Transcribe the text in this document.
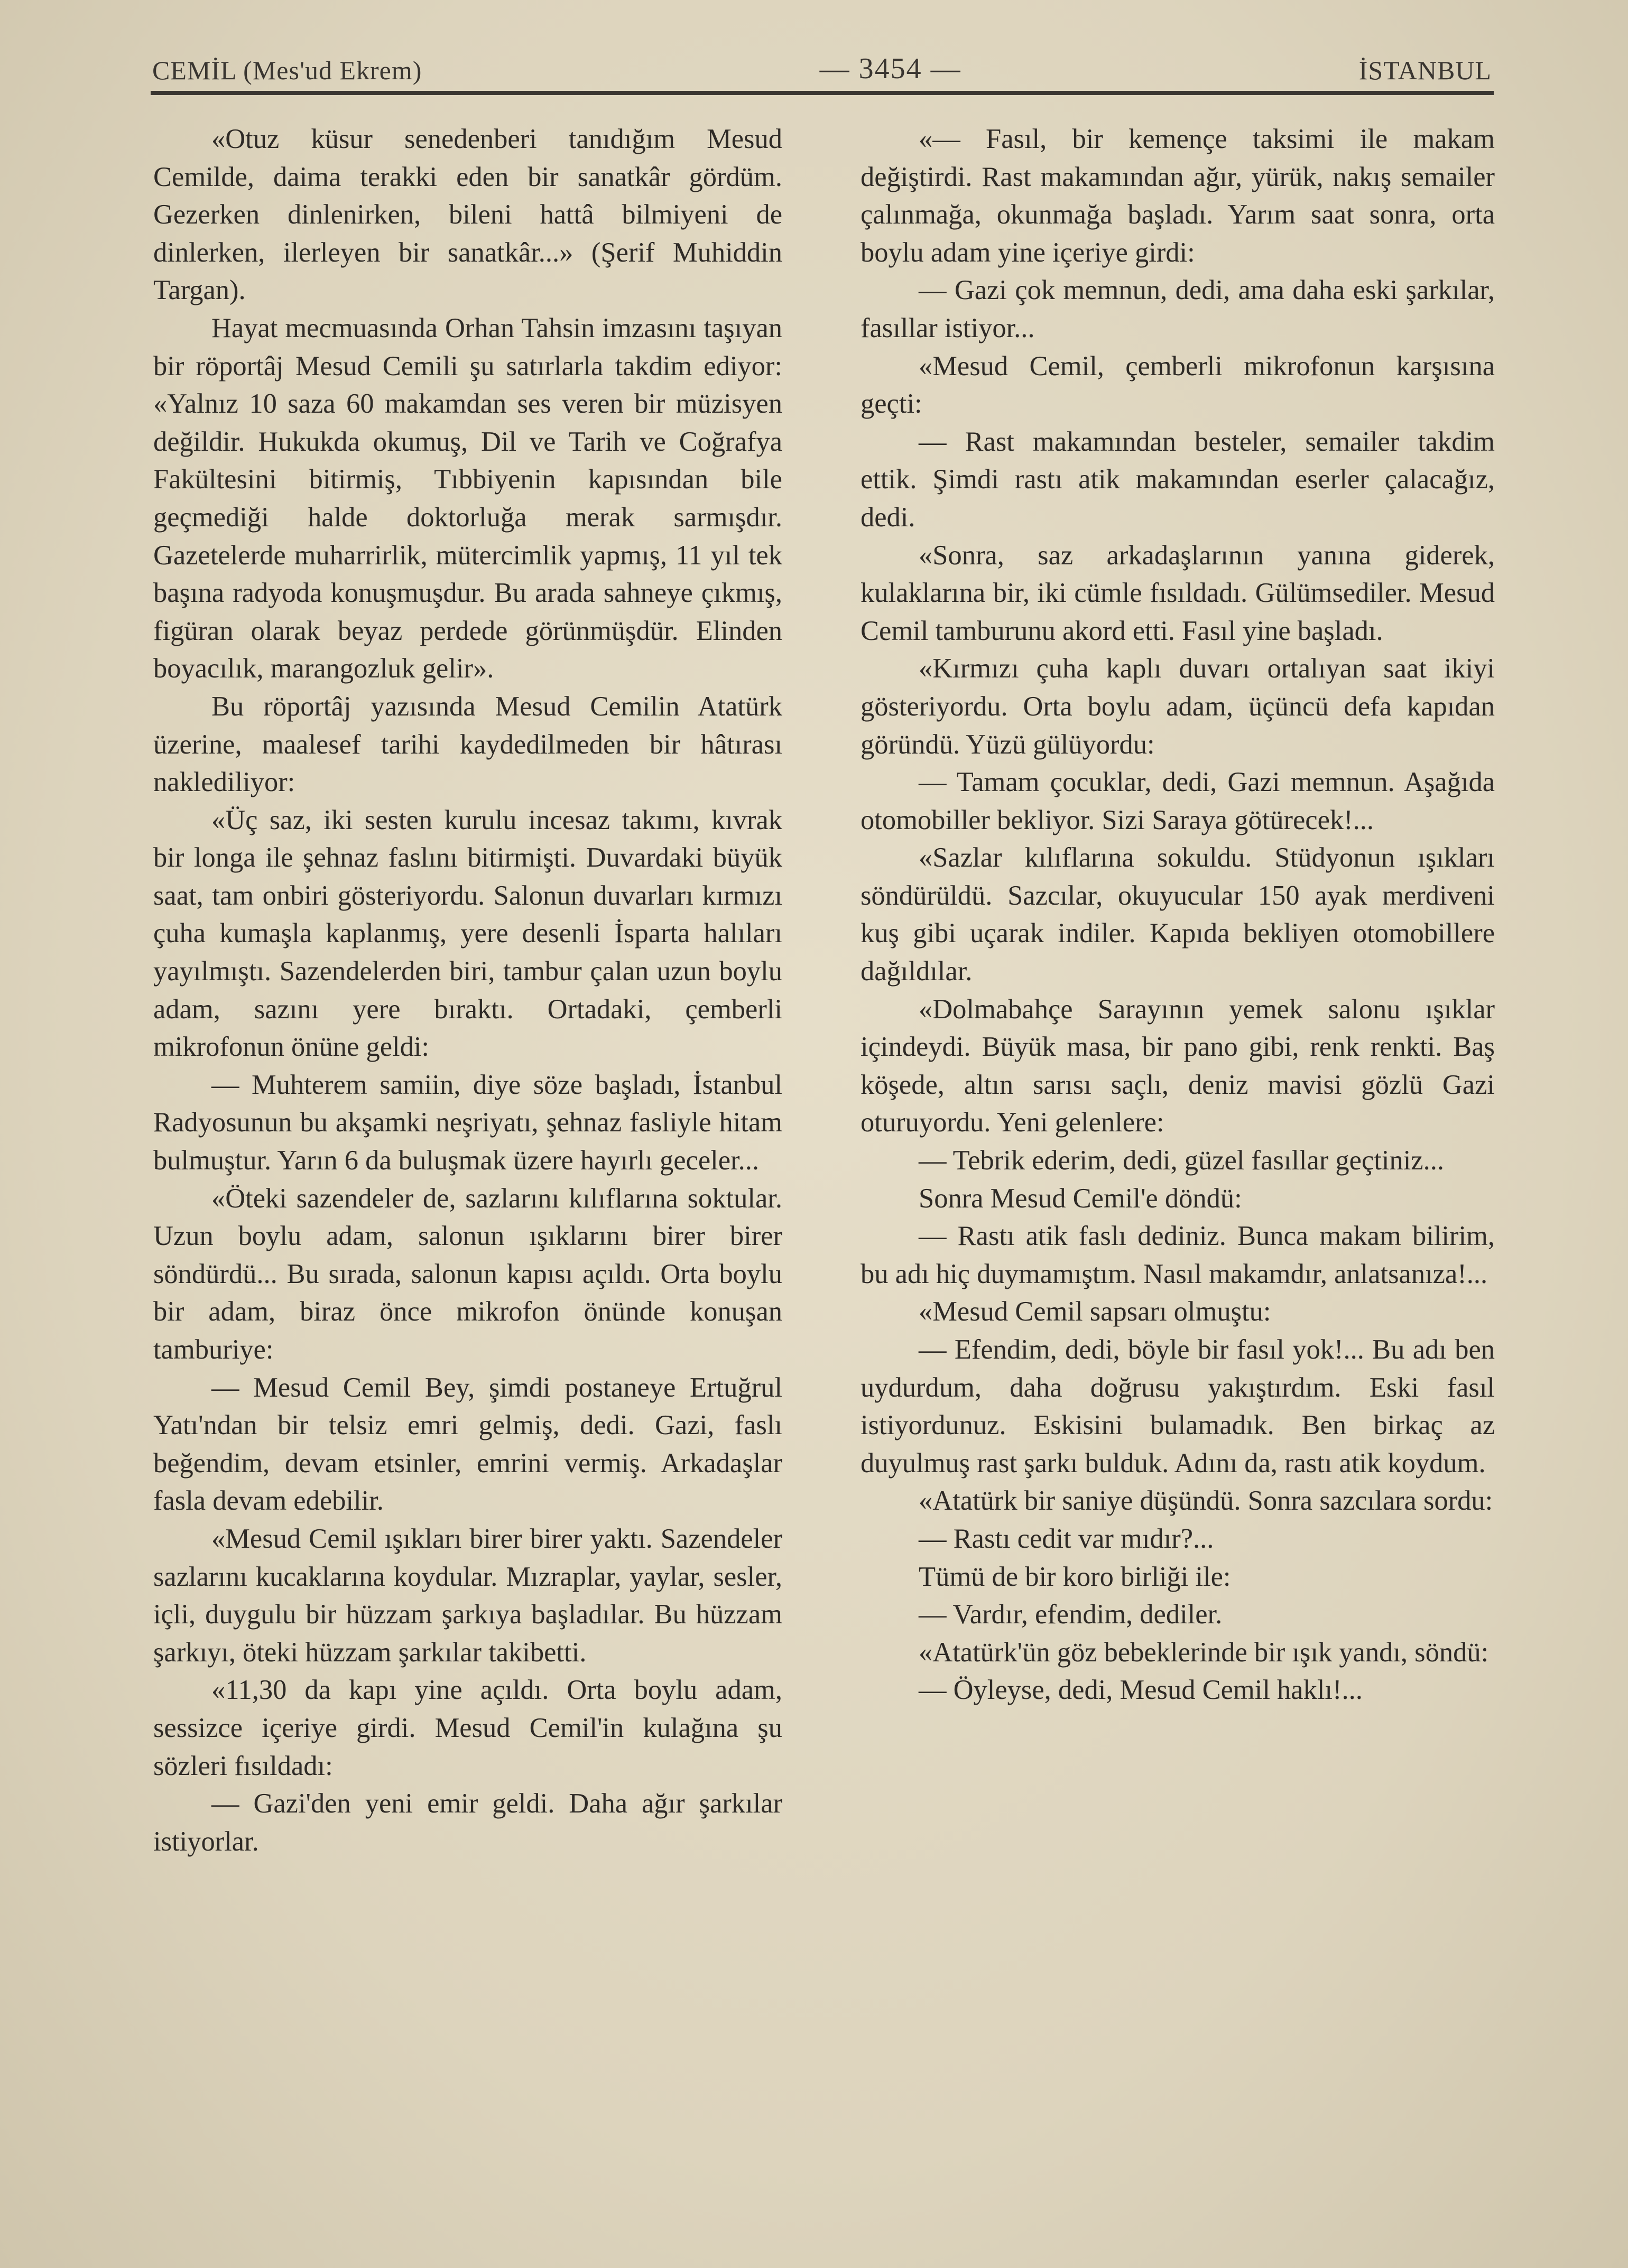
CEMİL (Mes'ud Ekrem)	— 3454 —	İSTANBUL

«Otuz küsur senedenberi tanıdığım Mesud Cemilde, daima terakki eden bir sanatkâr gördüm. Gezerken dinlenirken, bileni hattâ bilmiyeni de dinlerken, ilerleyen bir sanatkâr...» (Şerif Muhiddin Targan).

Hayat mecmuasında Orhan Tahsin imzasını taşıyan bir röportâj Mesud Cemili şu satırlarla takdim ediyor: «Yalnız 10 saza 60 makamdan ses veren bir müzisyen değildir. Hukukda okumuş, Dil ve Tarih ve Coğrafya Fakültesini bitirmiş, Tıbbiyenin kapısından bile geçmediği halde doktorluğa merak sarmışdır. Gazetelerde muharrirlik, mütercimlik yapmış, 11 yıl tek başına radyoda konuşmuşdur. Bu arada sahneye çıkmış, figüran olarak beyaz perdede görünmüşdür. Elinden boyacılık, marangozluk gelir».

Bu röportâj yazısında Mesud Cemilin Atatürk üzerine, maalesef tarihi kaydedilmeden bir hâtırası naklediliyor:

«Üç saz, iki sesten kurulu incesaz takımı, kıvrak bir longa ile şehnaz faslını bitirmişti. Duvardaki büyük saat, tam onbiri gösteriyordu. Salonun duvarları kırmızı çuha kumaşla kaplanmış, yere desenli İsparta halıları yayılmıştı. Sazendelerden biri, tambur çalan uzun boylu adam, sazını yere bıraktı. Ortadaki, çemberli mikrofonun önüne geldi:

— Muhterem samiin, diye söze başladı, İstanbul Radyosunun bu akşamki neşriyatı, şehnaz fasliyle hitam bulmuştur. Yarın 6 da buluşmak üzere hayırlı geceler...

«Öteki sazendeler de, sazlarını kılıflarına soktular. Uzun boylu adam, salonun ışıklarını birer birer söndürdü... Bu sırada, salonun kapısı açıldı. Orta boylu bir adam, biraz önce mikrofon önünde konuşan tamburiye:

— Mesud Cemil Bey, şimdi postaneye Ertuğrul Yatı'ndan bir telsiz emri gelmiş, dedi. Gazi, faslı beğendim, devam etsinler, emrini vermiş. Arkadaşlar fasla devam edebilir.

«Mesud Cemil ışıkları birer birer yaktı. Sazendeler sazlarını kucaklarına koydular. Mızraplar, yaylar, sesler, içli, duygulu bir hüzzam şarkıya başladılar. Bu hüzzam şarkıyı, öteki hüzzam şarkılar takibetti.

«11,30 da kapı yine açıldı. Orta boylu adam, sessizce içeriye girdi. Mesud Cemil'in kulağına şu sözleri fısıldadı:

— Gazi'den yeni emir geldi. Daha ağır şarkılar istiyorlar.

«— Fasıl, bir kemençe taksimi ile makam değiştirdi. Rast makamından ağır, yürük, nakış semailer çalınmağa, okunmağa başladı. Yarım saat sonra, orta boylu adam yine içeriye girdi:

— Gazi çok memnun, dedi, ama daha eski şarkılar, fasıllar istiyor...

«Mesud Cemil, çemberli mikrofonun karşısına geçti:

— Rast makamından besteler, semailer takdim ettik. Şimdi rastı atik makamından eserler çalacağız, dedi.

«Sonra, saz arkadaşlarının yanına giderek, kulaklarına bir, iki cümle fısıldadı. Gülümsediler. Mesud Cemil tamburunu akord etti. Fasıl yine başladı.

«Kırmızı çuha kaplı duvarı ortalıyan saat ikiyi gösteriyordu. Orta boylu adam, üçüncü defa kapıdan göründü. Yüzü gülüyordu:

— Tamam çocuklar, dedi, Gazi memnun. Aşağıda otomobiller bekliyor. Sizi Saraya götürecek!...

«Sazlar kılıflarına sokuldu. Stüdyonun ışıkları söndürüldü. Sazcılar, okuyucular 150 ayak merdiveni kuş gibi uçarak indiler. Kapıda bekliyen otomobillere dağıldılar.

«Dolmabahçe Sarayının yemek salonu ışıklar içindeydi. Büyük masa, bir pano gibi, renk renkti. Baş köşede, altın sarısı saçlı, deniz mavisi gözlü Gazi oturuyordu. Yeni gelenlere:

— Tebrik ederim, dedi, güzel fasıllar geçtiniz...

Sonra Mesud Cemil'e döndü:

— Rastı atik faslı dediniz. Bunca makam bilirim, bu adı hiç duymamıştım. Nasıl makamdır, anlatsanıza!...

«Mesud Cemil sapsarı olmuştu:

— Efendim, dedi, böyle bir fasıl yok!... Bu adı ben uydurdum, daha doğrusu yakıştırdım. Eski fasıl istiyordunuz. Eskisini bulamadık. Ben birkaç az duyulmuş rast şarkı bulduk. Adını da, rastı atik koydum.

«Atatürk bir saniye düşündü. Sonra sazcılara sordu:

— Rastı cedit var mıdır?...

Tümü de bir koro birliği ile:

— Vardır, efendim, dediler.

«Atatürk'ün göz bebeklerinde bir ışık yandı, söndü:

— Öyleyse, dedi, Mesud Cemil haklı!...
